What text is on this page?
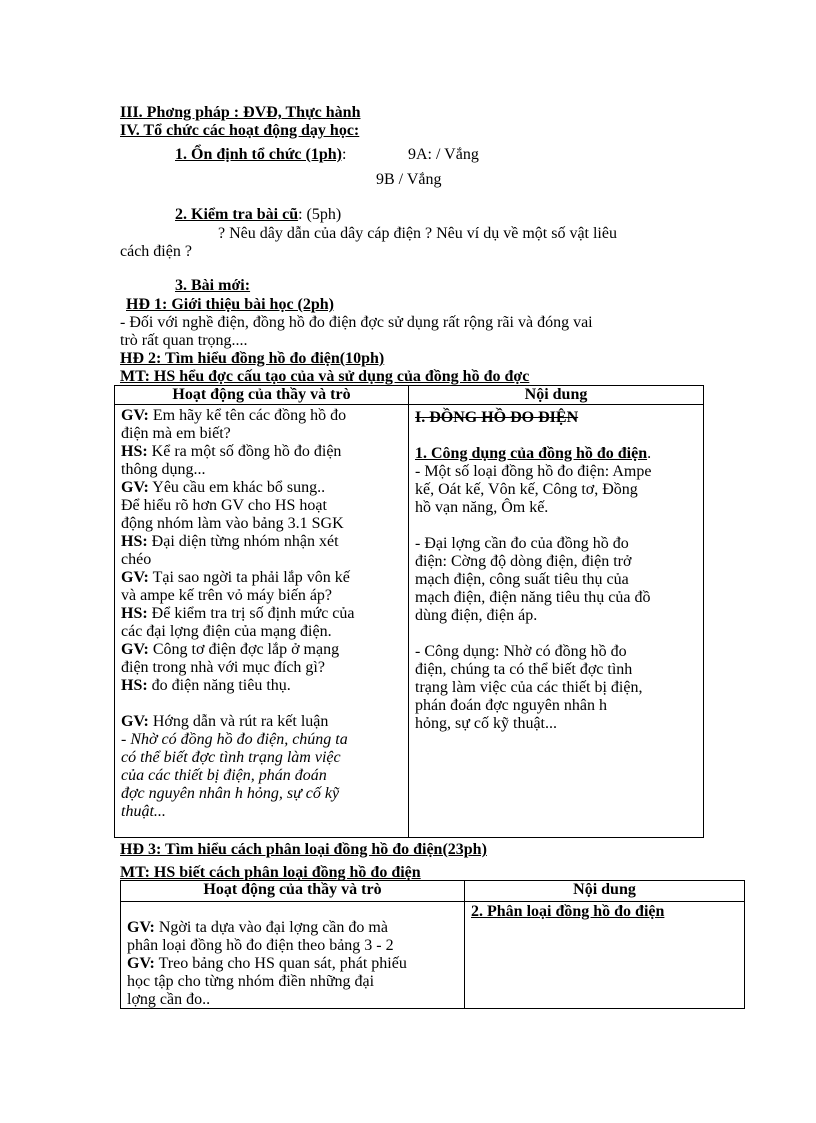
III. Phơng pháp : ĐVĐ, Thực hành

IV. Tổ chức các hoạt động dạy học:

1. Ổn định tổ chức (1ph):	9A: / Vắng

9B / Vắng

2. Kiểm tra bài cũ: (5ph)

? Nêu dây dẫn của dây cáp điện ? Nêu ví dụ về một số vật liêu

cách điện ?

3. Bài mới:

HĐ 1: Giới thiệu bài học (2ph)

- Đối với nghề điện, đồng hồ đo điện đợc sử dụng rất rộng rãi và đóng vai

trò rất quan trọng....

HĐ 2: Tìm hiểu đồng hồ đo điện(10ph)

MT: HS hểu đợc cấu tạo của và sử dụng của đồng hồ đo đợc

Hoạt động của thầy và trò

GV: Em hãy kể tên các đồng hồ đo

điện mà em biết?

HS: Kể ra một số đồng hồ đo điện

thông dụng...

GV: Yêu cầu em khác bổ sung..

Để hiểu rõ hơn GV cho HS hoạt

động nhóm làm vào bảng 3.1 SGK

HS: Đại diện từng nhóm nhận xét

chéo

GV: Tại sao ngời ta phải lắp vôn kế

và ampe kế trên vỏ máy biến áp?

HS: Để kiểm tra trị số định mức của

các đại lợng điện của mạng điện.

GV: Công tơ điện đợc lắp ở mạng

điện trong nhà với mục đích gì?

HS: đo điện năng tiêu thụ.

GV: Hớng dẫn và rút ra kết luận

- Nhờ có đồng hồ đo điện, chúng ta

có thể biết đợc tình trạng làm việc

của các thiết bị điện, phán đoán

đợc nguyên nhân h hỏng, sự cố kỹ

thuật...

Nội dung

I. ĐỒNG HỒ ĐO ĐIỆN

1. Công dụng của đồng hồ đo điện.

- Một số loại đồng hồ đo điện: Ampe

kế, Oát kế, Vôn kế, Công tơ, Đồng

hồ vạn năng, Ôm kế.

- Đại lợng cần đo của đồng hồ đo

điện: Cờng độ dòng điện, điện trở

mạch điện, công suất tiêu thụ của

mạch điện, điện năng tiêu thụ của đồ

dùng điện, điện áp.

- Công dụng: Nhờ có đồng hồ đo

điện, chúng ta có thể biết đợc tình

trạng làm việc của các thiết bị điện,

phán đoán đợc nguyên nhân h

hỏng, sự cố kỹ thuật...

HĐ 3: Tìm hiểu cách phân loại đồng hồ đo điện(23ph)

MT: HS biết cách phân loại đồng hồ đo điện

Hoạt động của thầy và trò

GV: Ngời ta dựa vào đại lợng cần đo mà

phân loại đồng hồ đo điện theo bảng 3 - 2

GV: Treo bảng cho HS quan sát, phát phiếu

học tập cho từng nhóm điền những đại

lợng cần đo..

Nội dung

2. Phân loại đồng hồ đo điện
